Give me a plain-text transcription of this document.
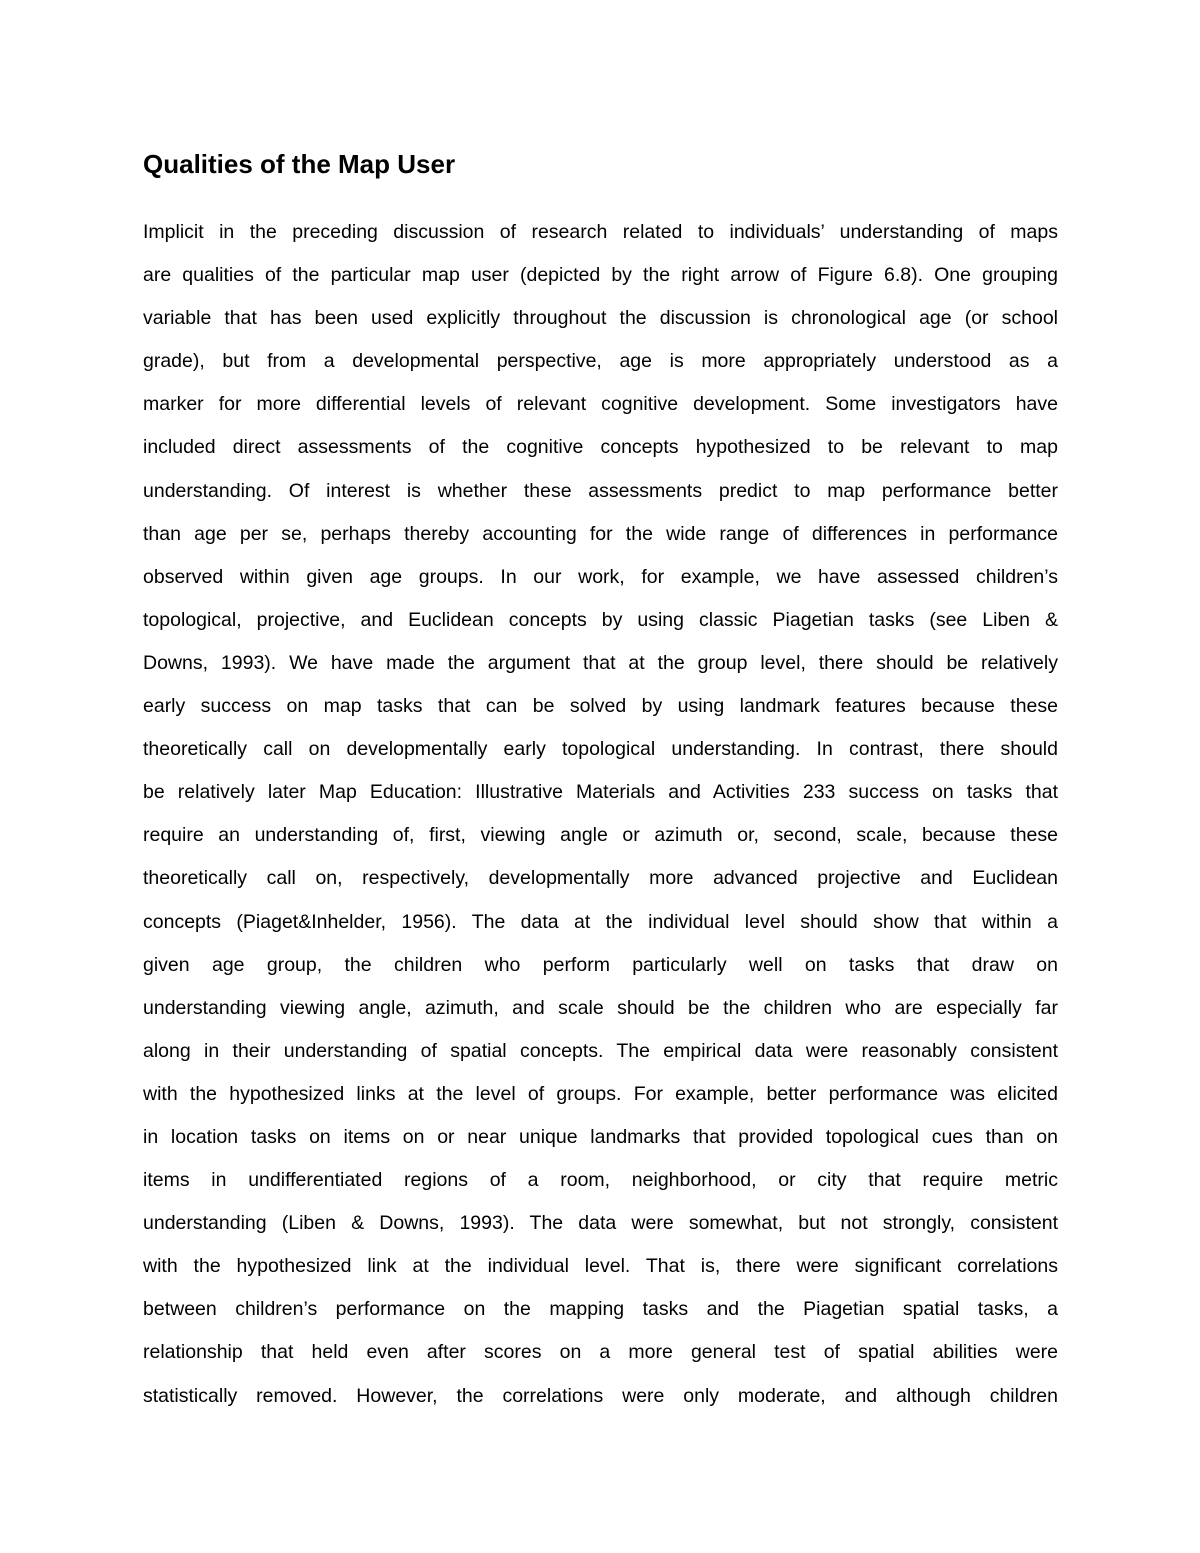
Qualities of the Map User
Implicit in the preceding discussion of research related to individuals’ understanding of maps
are qualities of the particular map user (depicted by the right arrow of Figure 6.8). One grouping
variable that has been used explicitly throughout the discussion is chronological age (or school
grade), but from a developmental perspective, age is more appropriately understood as a
marker for more differential levels of relevant cognitive development. Some investigators have
included direct assessments of the cognitive concepts hypothesized to be relevant to map
understanding. Of interest is whether these assessments predict to map performance better
than age per se, perhaps thereby accounting for the wide range of differences in performance
observed within given age groups. In our work, for example, we have assessed children’s
topological, projective, and Euclidean concepts by using classic Piagetian tasks (see Liben &
Downs, 1993). We have made the argument that at the group level, there should be relatively
early success on map tasks that can be solved by using landmark features because these
theoretically call on developmentally early topological understanding. In contrast, there should
be relatively later Map Education: Illustrative Materials and Activities 233 success on tasks that
require an understanding of, first, viewing angle or azimuth or, second, scale, because these
theoretically call on, respectively, developmentally more advanced projective and Euclidean
concepts (Piaget&Inhelder, 1956). The data at the individual level should show that within a
given age group, the children who perform particularly well on tasks that draw on
understanding viewing angle, azimuth, and scale should be the children who are especially far
along in their understanding of spatial concepts. The empirical data were reasonably consistent
with the hypothesized links at the level of groups. For example, better performance was elicited
in location tasks on items on or near unique landmarks that provided topological cues than on
items in undifferentiated regions of a room, neighborhood, or city that require metric
understanding (Liben & Downs, 1993). The data were somewhat, but not strongly, consistent
with the hypothesized link at the individual level. That is, there were significant correlations
between children’s performance on the mapping tasks and the Piagetian spatial tasks, a
relationship that held even after scores on a more general test of spatial abilities were
statistically removed. However, the correlations were only moderate, and although children
